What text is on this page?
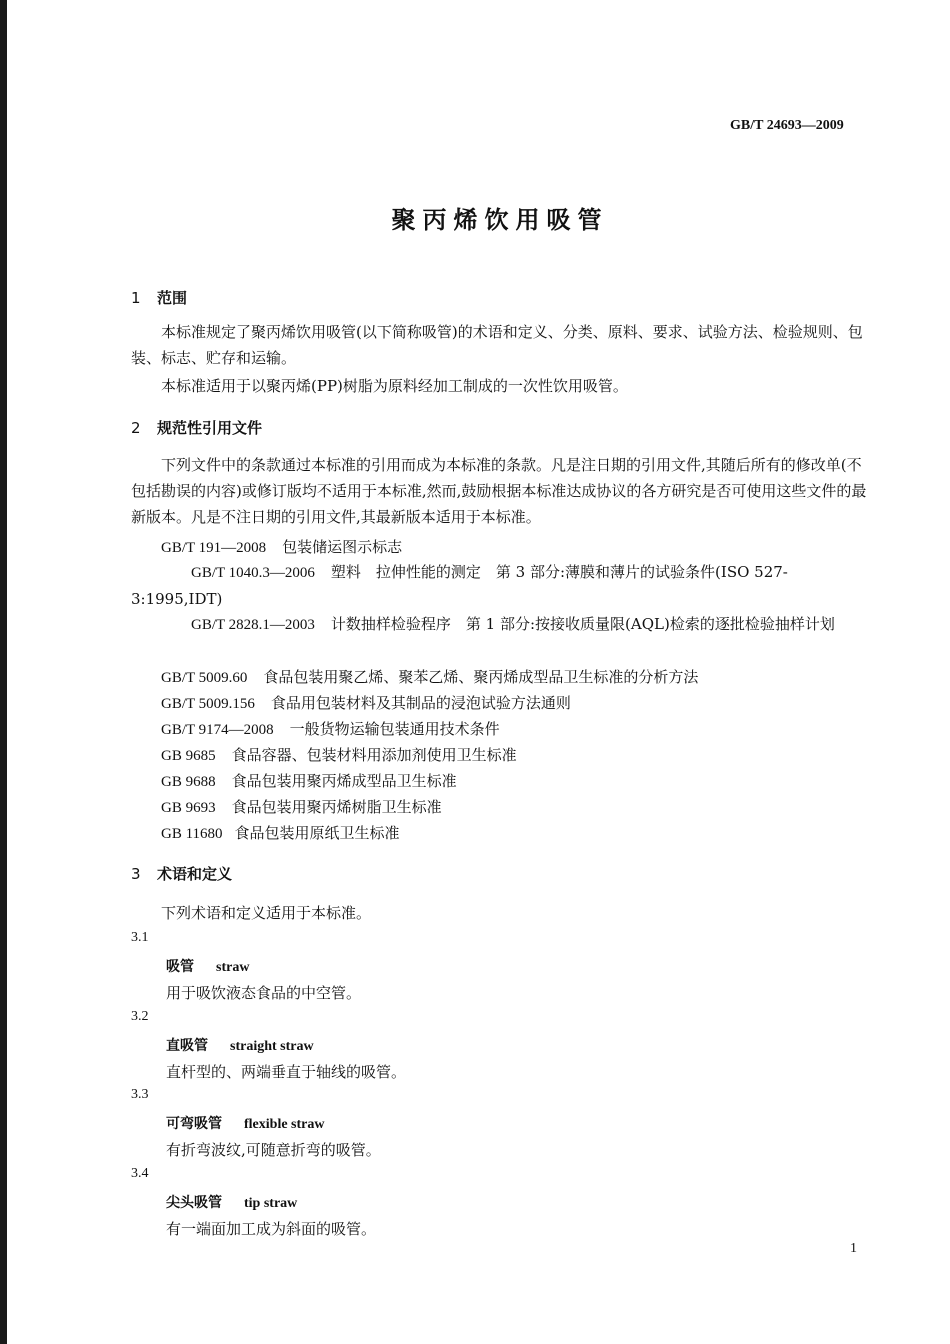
GB/T 24693—2009
聚丙烯饮用吸管
1 范围
本标准规定了聚丙烯饮用吸管(以下简称吸管)的术语和定义、分类、原料、要求、试验方法、检验规则、包装、标志、贮存和运输。
本标准适用于以聚丙烯(PP)树脂为原料经加工制成的一次性饮用吸管。
2 规范性引用文件
下列文件中的条款通过本标准的引用而成为本标准的条款。凡是注日期的引用文件,其随后所有的修改单(不包括勘误的内容)或修订版均不适用于本标准,然而,鼓励根据本标准达成协议的各方研究是否可使用这些文件的最新版本。凡是不注日期的引用文件,其最新版本适用于本标准。
GB/T 191—2008 包装储运图示标志
GB/T 1040.3—2006 塑料　拉伸性能的测定　第 3 部分:薄膜和薄片的试验条件(ISO 527-3:1995,IDT)
GB/T 2828.1—2003 计数抽样检验程序　第 1 部分:按接收质量限(AQL)检索的逐批检验抽样计划
GB/T 5009.60 食品包装用聚乙烯、聚苯乙烯、聚丙烯成型品卫生标准的分析方法
GB/T 5009.156 食品用包装材料及其制品的浸泡试验方法通则
GB/T 9174—2008 一般货物运输包装通用技术条件
GB 9685 食品容器、包装材料用添加剂使用卫生标准
GB 9688 食品包装用聚丙烯成型品卫生标准
GB 9693 食品包装用聚丙烯树脂卫生标准
GB 11680 食品包装用原纸卫生标准
3 术语和定义
下列术语和定义适用于本标准。
3.1
吸管 straw
用于吸饮液态食品的中空管。
3.2
直吸管 straight straw
直杆型的、两端垂直于轴线的吸管。
3.3
可弯吸管 flexible straw
有折弯波纹,可随意折弯的吸管。
3.4
尖头吸管 tip straw
有一端面加工成为斜面的吸管。
1
